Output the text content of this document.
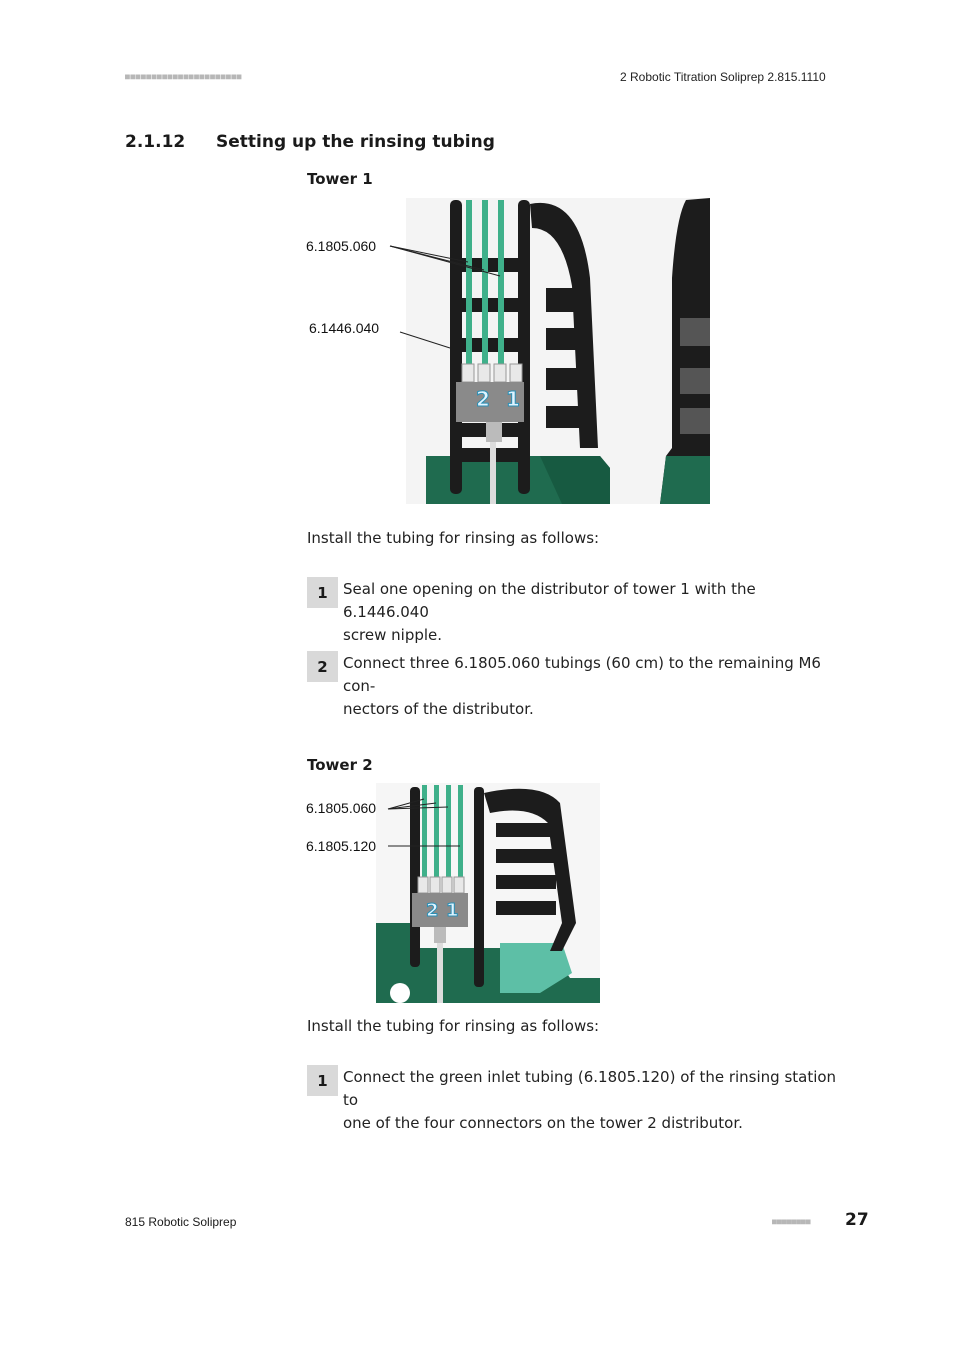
■■■■■■■■■■■■■■■■■■■■■■	2 Robotic Titration Soliprep 2.815.1110
2.1.12 Setting up the rinsing tubing
Tower 1
2 1
6.1805.060
6.1446.040
Install the tubing for rinsing as follows:
1	Seal one opening on the distributor of tower 1 with the 6.1446.040
screw nipple.
2	Connect three 6.1805.060 tubings (60 cm) to the remaining M6 con-
nectors of the distributor.
Tower 2
2 1
6.1805.060
6.1805.120
Install the tubing for rinsing as follows:
1	Connect the green inlet tubing (6.1805.120) of the rinsing station to
one of the four connectors on the tower 2 distributor.
815 Robotic Soliprep	■■■■■■■■ 27
